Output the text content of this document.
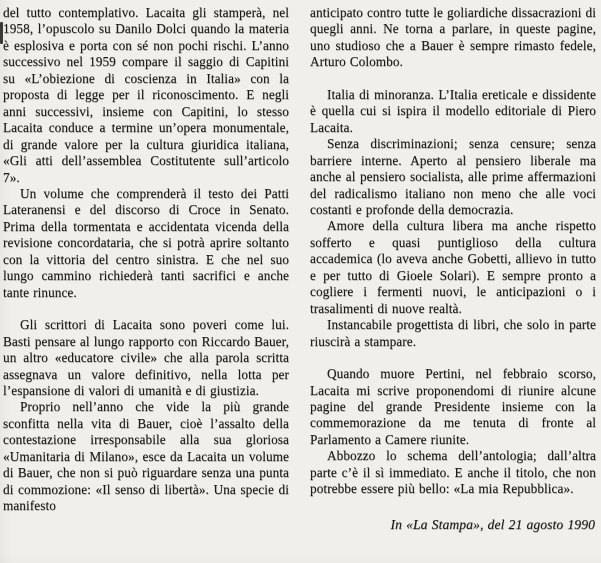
del tutto contemplativo. Lacaita gli stamperà, nel 1958, l’opuscolo su Danilo Dolci quando la materia è esplosiva e porta con sé non pochi rischi. L’anno successivo nel 1959 compare il saggio di Capitini su «L’obiezione di coscienza in Italia» con la proposta di legge per il riconoscimento. E negli anni successivi, insieme con Capitini, lo stesso Lacaita conduce a termine un’opera monumentale, di grande valore per la cultura giuridica italiana, «Gli atti dell’assemblea Costitutente sull’articolo 7».

Un volume che comprenderà il testo dei Patti Lateranensi e del discorso di Croce in Senato. Prima della tormentata e accidentata vicenda della revisione concordataria, che si potrà aprire soltanto con la vittoria del centro sinistra. E che nel suo lungo cammino richiederà tanti sacrifici e anche tante rinunce.

Gli scrittori di Lacaita sono poveri come lui. Basti pensare al lungo rapporto con Riccardo Bauer, un altro «educatore civile» che alla parola scritta assegnava un valore definitivo, nella lotta per l’espansione di valori di umanità e di giustizia.

Proprio nell’anno che vide la più grande sconfitta nella vita di Bauer, cioè l’assalto della contestazione irresponsabile alla sua gloriosa «Umanitaria di Milano», esce da Lacaita un volume di Bauer, che non si può riguardare senza una punta di commozione: «Il senso di libertà». Una specie di manifesto

anticipato contro tutte le goliardiche dissacrazioni di quegli anni. Ne torna a parlare, in queste pagine, uno studioso che a Bauer è sempre rimasto fedele, Arturo Colombo.

Italia di minoranza. L’Italia ereticale e dissidente è quella cui si ispira il modello editoriale di Piero Lacaita.

Senza discriminazioni; senza censure; senza barriere interne. Aperto al pensiero liberale ma anche al pensiero socialista, alle prime affermazioni del radicalismo italiano non meno che alle voci costanti e profonde della democrazia.

Amore della cultura libera ma anche rispetto sofferto e quasi puntiglioso della cultura accademica (lo aveva anche Gobetti, allievo in tutto e per tutto di Gioele Solari). E sempre pronto a cogliere i fermenti nuovi, le anticipazioni o i trasalimenti di nuove realtà.

Instancabile progettista di libri, che solo in parte riuscirà a stampare.

Quando muore Pertini, nel febbraio scorso, Lacaita mi scrive proponendomi di riunire alcune pagine del grande Presidente insieme con la commemorazione da me tenuta di fronte al Parlamento a Camere riunite.

Abbozzo lo schema dell’antologia; dall’altra parte c’è il sì immediato. E anche il titolo, che non potrebbe essere più bello: «La mia Repubblica».

In «La Stampa», del 21 agosto 1990
